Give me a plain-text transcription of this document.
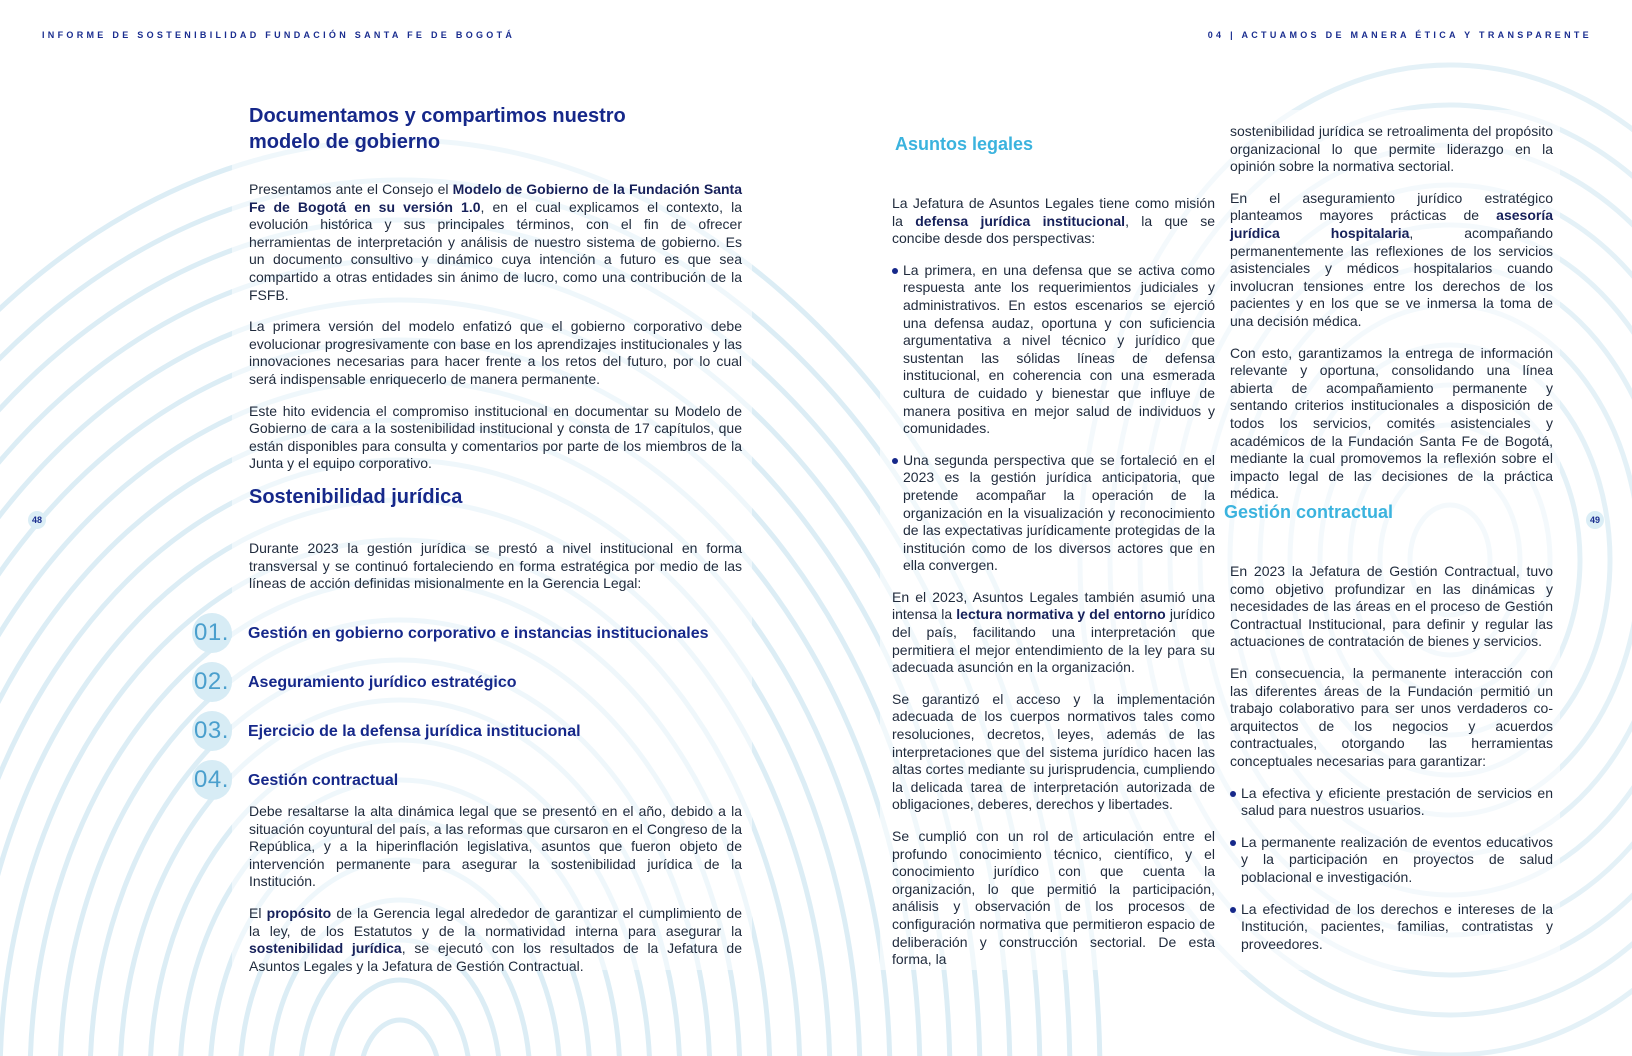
INFORME DE SOSTENIBILIDAD FUNDACIÓN SANTA FE DE BOGOTÁ	04 | ACTUAMOS DE MANERA ÉTICA Y TRANSPARENTE
48	49
Documentamos y compartimos nuestro modelo de gobierno

Presentamos ante el Consejo el Modelo de Gobierno de la Fundación Santa Fe de Bogotá en su versión 1.0, en el cual explicamos el contexto, la evolución histórica y sus principales términos, con el fin de ofrecer herramientas de interpretación y análisis de nuestro sistema de gobierno. Es un documento consultivo y dinámico cuya intención a futuro es que sea compartido a otras entidades sin ánimo de lucro, como una contribución de la FSFB.

La primera versión del modelo enfatizó que el gobierno corporativo debe evolucionar progresivamente con base en los aprendizajes institucionales y las innovaciones necesarias para hacer frente a los retos del futuro, por lo cual será indispensable enriquecerlo de manera permanente.

Este hito evidencia el compromiso institucional en documentar su Modelo de Gobierno de cara a la sostenibilidad institucional y consta de 17 capítulos, que están disponibles para consulta y comentarios por parte de los miembros de la Junta y el equipo corporativo.

Sostenibilidad jurídica

Durante 2023 la gestión jurídica se prestó a nivel institucional en forma transversal y se continuó fortaleciendo en forma estratégica por medio de las líneas de acción definidas misionalmente en la Gerencia Legal:

01. Gestión en gobierno corporativo e instancias institucionales
02. Aseguramiento jurídico estratégico
03. Ejercicio de la defensa jurídica institucional
04. Gestión contractual

Debe resaltarse la alta dinámica legal que se presentó en el año, debido a la situación coyuntural del país, a las reformas que cursaron en el Congreso de la República, y a la hiperinflación legislativa, asuntos que fueron objeto de intervención permanente para asegurar la sostenibilidad jurídica de la Institución.

El propósito de la Gerencia legal alrededor de garantizar el cumplimiento de la ley, de los Estatutos y de la normatividad interna para asegurar la sostenibilidad jurídica, se ejecutó con los resultados de la Jefatura de Asuntos Legales y la Jefatura de Gestión Contractual.

Asuntos legales

La Jefatura de Asuntos Legales tiene como misión la defensa jurídica institucional, la que se concibe desde dos perspectivas:

La primera, en una defensa que se activa como respuesta ante los requerimientos judiciales y administrativos. En estos escenarios se ejerció una defensa audaz, oportuna y con suficiencia argumentativa a nivel técnico y jurídico que sustentan las sólidas líneas de defensa institucional, en coherencia con una esmerada cultura de cuidado y bienestar que influye de manera positiva en mejor salud de individuos y comunidades.
Una segunda perspectiva que se fortaleció en el 2023 es la gestión jurídica anticipatoria, que pretende acompañar la operación de la organización en la visualización y reconocimiento de las expectativas jurídicamente protegidas de la institución como de los diversos actores que en ella convergen.

En el 2023, Asuntos Legales también asumió una intensa la lectura normativa y del entorno jurídico del país, facilitando una interpretación que permitiera el mejor entendimiento de la ley para su adecuada asunción en la organización.

Se garantizó el acceso y la implementación adecuada de los cuerpos normativos tales como resoluciones, decretos, leyes, además de las interpretaciones que del sistema jurídico hacen las altas cortes mediante su jurisprudencia, cumpliendo la delicada tarea de interpretación autorizada de obligaciones, deberes, derechos y libertades.

Se cumplió con un rol de articulación entre el profundo conocimiento técnico, científico, y el conocimiento jurídico con que cuenta la organización, lo que permitió la participación, análisis y observación de los procesos de configuración normativa que permitieron espacio de deliberación y construcción sectorial. De esta forma, la

sostenibilidad jurídica se retroalimenta del propósito organizacional lo que permite liderazgo en la opinión sobre la normativa sectorial.

En el aseguramiento jurídico estratégico planteamos mayores prácticas de asesoría jurídica hospitalaria, acompañando permanentemente las reflexiones de los servicios asistenciales y médicos hospitalarios cuando involucran tensiones entre los derechos de los pacientes y en los que se ve inmersa la toma de una decisión médica.

Con esto, garantizamos la entrega de información relevante y oportuna, consolidando una línea abierta de acompañamiento permanente y sentando criterios institucionales a disposición de todos los servicios, comités asistenciales y académicos de la Fundación Santa Fe de Bogotá, mediante la cual promovemos la reflexión sobre el impacto legal de las decisiones de la práctica médica.

Gestión contractual

En 2023 la Jefatura de Gestión Contractual, tuvo como objetivo profundizar en las dinámicas y necesidades de las áreas en el proceso de Gestión Contractual Institucional, para definir y regular las actuaciones de contratación de bienes y servicios.

En consecuencia, la permanente interacción con las diferentes áreas de la Fundación permitió un trabajo colaborativo para ser unos verdaderos co-arquitectos de los negocios y acuerdos contractuales, otorgando las herramientas conceptuales necesarias para garantizar:

La efectiva y eficiente prestación de servicios en salud para nuestros usuarios.
La permanente realización de eventos educativos y la participación en proyectos de salud poblacional e investigación.
La efectividad de los derechos e intereses de la Institución, pacientes, familias, contratistas y proveedores.
